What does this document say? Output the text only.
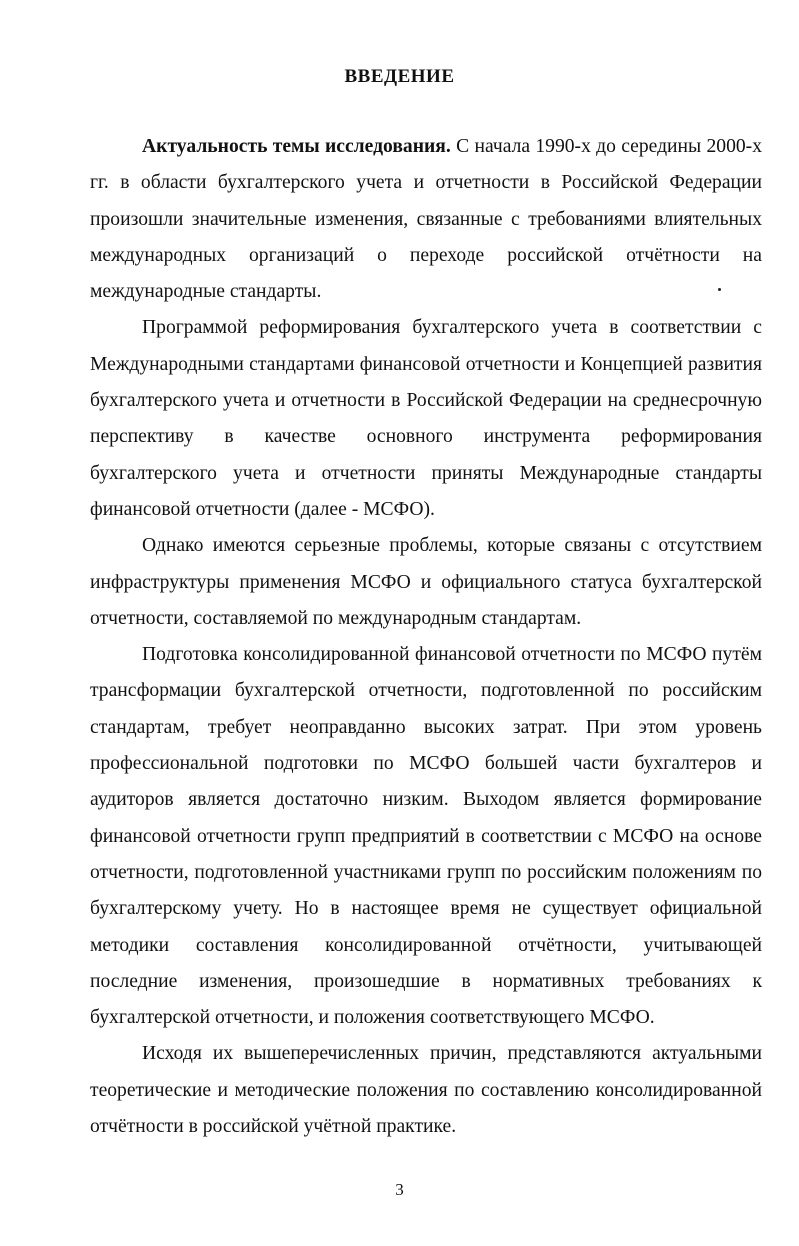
ВВЕДЕНИЕ

Актуальность темы исследования. С начала 1990-х до середины 2000-х гг. в области бухгалтерского учета и отчетности в Российской Федерации произошли значительные изменения, связанные с требованиями влиятельных международных организаций о переходе российской отчётности на международные стандарты.

Программой реформирования бухгалтерского учета в соответствии с Международными стандартами финансовой отчетности и Концепцией развития бухгалтерского учета и отчетности в Российской Федерации на среднесрочную перспективу в качестве основного инструмента реформирования бухгалтерского учета и отчетности приняты Международные стандарты финансовой отчетности (далее - МСФО).

Однако имеются серьезные проблемы, которые связаны с отсутствием инфраструктуры применения МСФО и официального статуса бухгалтерской отчетности, составляемой по международным стандартам.

Подготовка консолидированной финансовой отчетности по МСФО путём трансформации бухгалтерской отчетности, подготовленной по российским стандартам, требует неоправданно высоких затрат. При этом уровень профессиональной подготовки по МСФО большей части бухгалтеров и аудиторов является достаточно низким. Выходом является формирование финансовой отчетности групп предприятий в соответствии с МСФО на основе отчетности, подготовленной участниками групп по российским положениям по бухгалтерскому учету. Но в настоящее время не существует официальной методики составления консолидированной отчётности, учитывающей последние изменения, произошедшие в нормативных требованиях к бухгалтерской отчетности, и положения соответствующего МСФО.

Исходя их вышеперечисленных причин, представляются актуальными теоретические и методические положения по составлению консолидированной отчётности в российской учётной практике.

3
